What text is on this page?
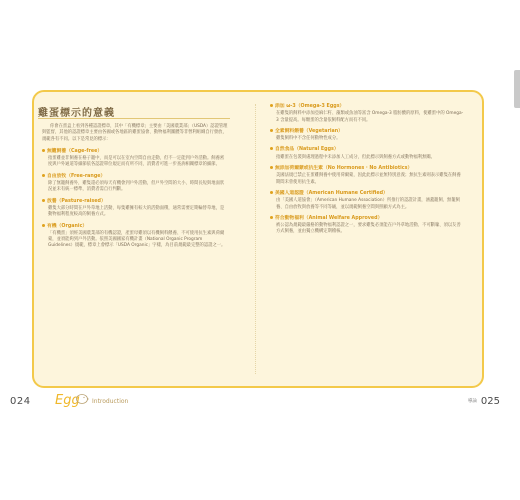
雞蛋標示的意義
你會在蛋盒上看到各種認證標章，其中「有機標章」主要由「美國農業部」（USDA）認證管理與監督，其他的認證標章主要由各國或各地區的雞蛋協會、動物福利團體等非營利組織自行發放，規範各有不同。以下是常見的標示：
無籠飼養（Cage-free）
指蛋雞並非飼養在格子籠中，而是可以在室內空間自由走動，但不一定能到戶外活動。飼養密度與戶外通道等細節依各認證單位規定而有所不同，消費者可進一步查詢相關標章的細節。
自由放牧（Free-range）
除了無籠飼養外，雞隻還必須每天有機會到戶外活動，但戶外空間的大小、時間長短與地面狀況並未有統一標準，消費者需自行判斷。
放養（Pasture-raised）
雞隻大部分時間在戶外草地上活動，每隻雞擁有較大的活動面積，通常需要定期輪替草地，是動物福利程度較高的飼養方式。
有機（Organic）
「有機蛋」須經美國農業部的有機認證，產蛋母雞須以有機飼料餵養、不可使用抗生素與荷爾蒙，並須能夠到戶外活動。依照美國國家有機計畫（National Organic Program Guidelines）規範，標章上會標示「USDA Organic」字樣，為目前規範最完整的認證之一。
添加 ω-3（Omega-3 Eggs）
在雞隻的飼料中添加亞麻仁籽、藻類或魚油等富含 Omega-3 脂肪酸的原料，使雞蛋中的 Omega-3 含量提高。每顆蛋的含量依飼料配方而有不同。
全素飼料餵養（Vegetarian）
雞隻飼料中不含任何動物性成分。
自然食品（Natural Eggs）
指雞蛋在包裝與處理過程中未添加人工成分，但此標示與飼養方式或動物福利無關。
無添加荷爾蒙或抗生素（No Hormones · No Antibiotics）
美國法規已禁止在蛋雞飼養中使用荷爾蒙，因此此標示並無特別意義；無抗生素則表示雞隻在飼養期間未曾使用抗生素。
美國人道認證（American Humane Certified）
由「美國人道協會」（American Humane Association）所推行的認證計畫，涵蓋籠飼、無籠飼養、自由放牧與放養等不同等級，並以規範飼養空間與照顧方式為主。
符合動物福利（Animal Welfare Approved）
被公認為規範最嚴格的動物福利認證之一，要求雞隻必須能在戶外草地活動、不可斷喙、須以友善方式飼養，並由獨立機構定期稽核。
024 Egg Introduction	導論 025
